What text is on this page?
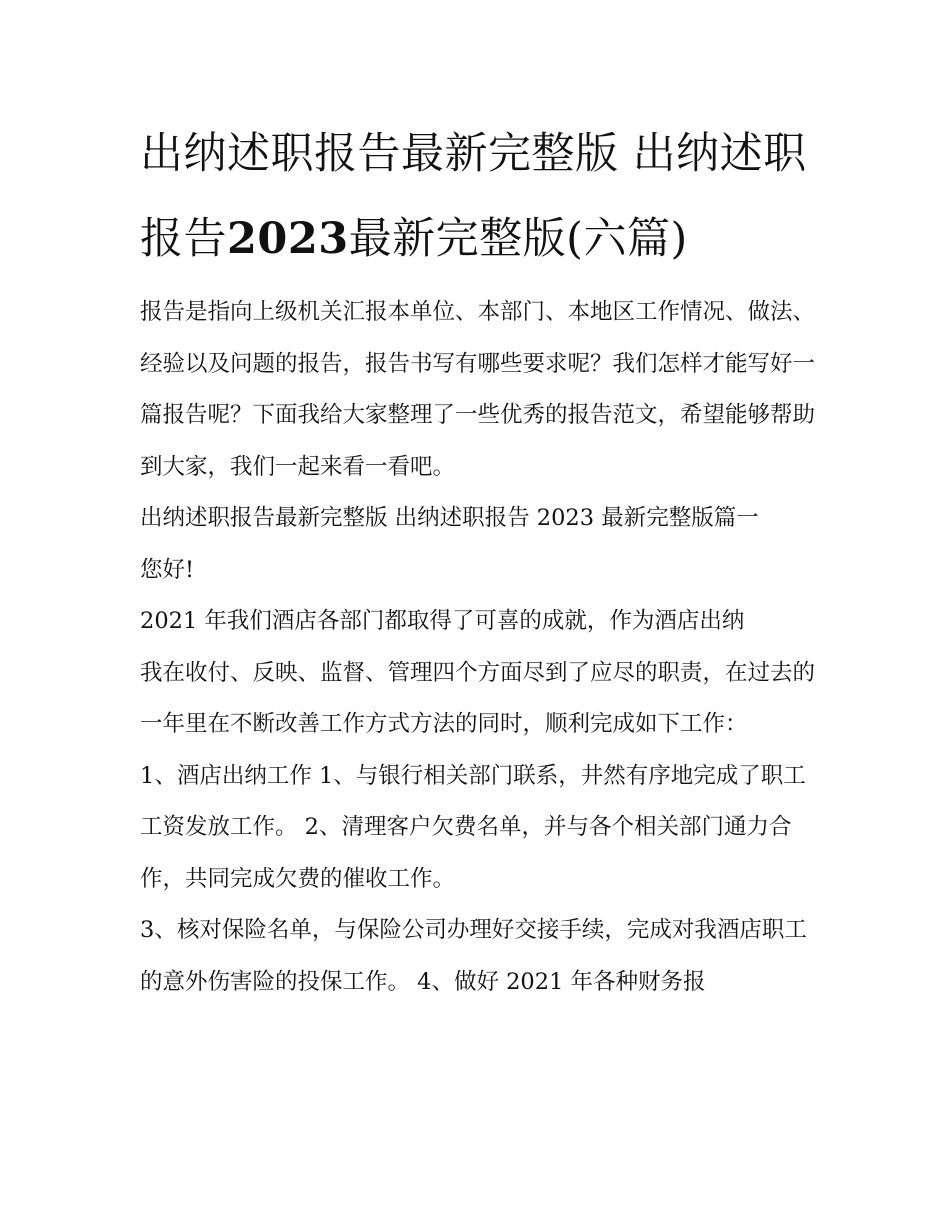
出纳述职报告最新完整版 出纳述职报告2023最新完整版(六篇)

报告是指向上级机关汇报本单位、本部门、本地区工作情况、做法、经验以及问题的报告，报告书写有哪些要求呢？我们怎样才能写好一篇报告呢？下面我给大家整理了一些优秀的报告范文，希望能够帮助到大家，我们一起来看一看吧。

出纳述职报告最新完整版 出纳述职报告 2023 最新完整版篇一

您好!

2021 年我们酒店各部门都取得了可喜的成就，作为酒店出纳

我在收付、反映、监督、管理四个方面尽到了应尽的职责，在过去的一年里在不断改善工作方式方法的同时，顺利完成如下工作：

1、酒店出纳工作 1、与银行相关部门联系，井然有序地完成了职工工资发放工作。 2、清理客户欠费名单，并与各个相关部门通力合作，共同完成欠费的催收工作。

3、核对保险名单，与保险公司办理好交接手续，完成对我酒店职工的意外伤害险的投保工作。 4、做好 2021 年各种财务报
